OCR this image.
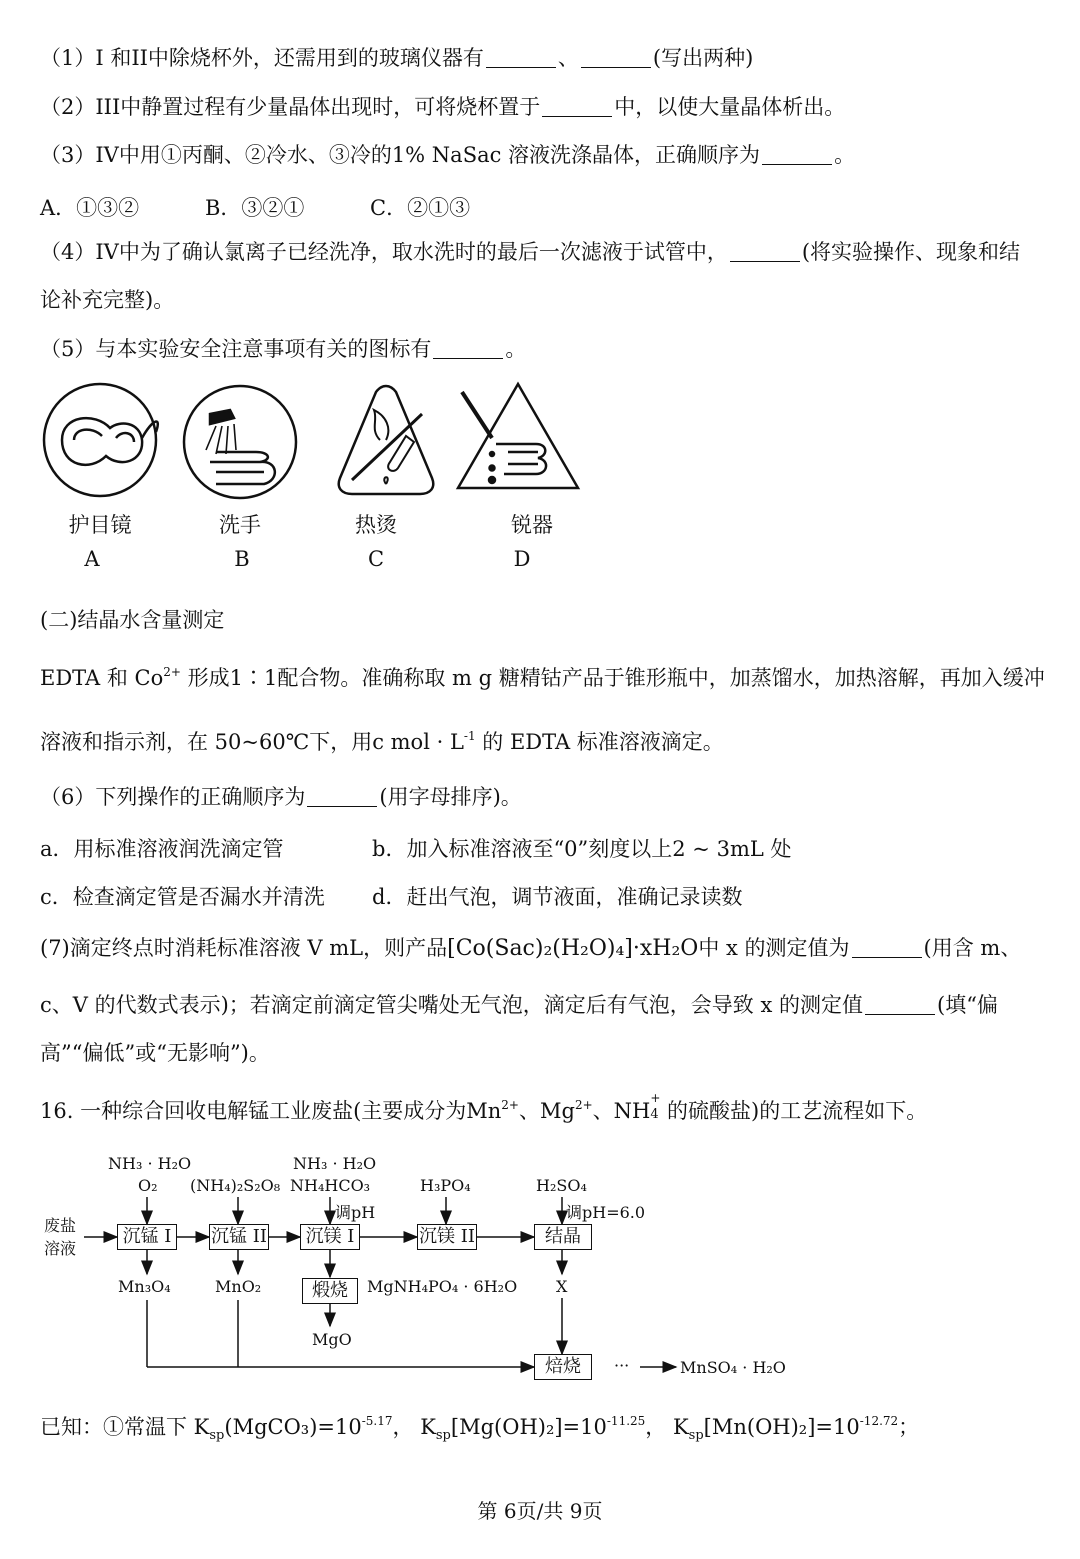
（1）I 和II中除烧杯外，还需用到的玻璃仪器有	、	(写出两种)
（2）III中静置过程有少量晶体出现时，可将烧杯置于	中，以使大量晶体析出。
（3）IV中用①丙酮、②冷水、③冷的1% NaSac 溶液洗涤晶体，正确顺序为	。
A．①③②	B．③②①	C．②①③
（4）IV中为了确认氯离子已经洗净，取水洗时的最后一次滤液于试管中，	(将实验操作、现象和结
论补充完整)。
（5）与本实验安全注意事项有关的图标有	。
护目镜	洗手	热烫	锐器
A	B	C	D
(二)结晶水含量测定
EDTA 和 $Co^{2+}$ 形成1∶1配合物。准确称取 m g 糖精钴产品于锥形瓶中，加蒸馏水，加热溶解，再加入缓冲
溶液和指示剂，在 50~60℃下，用c mol · $L^{-1}$ 的 EDTA 标准溶液滴定。
（6）下列操作的正确顺序为	(用字母排序)。
a．用标准溶液润洗滴定管	b．加入标准溶液至“0”刻度以上2 ~ 3mL 处
c．检查滴定管是否漏水并清洗 d．赶出气泡，调节液面，准确记录读数
(7)滴定终点时消耗标准溶液 V mL，则产品[Co(Sac)₂(H₂O)₄]·xH₂O中 x 的测定值为	(用含 m、
c、V 的代数式表示)；若滴定前滴定管尖嘴处无气泡，滴定后有气泡，会导致 x 的测定值	(填“偏
高”“偏低”或“无影响”)。
16. 一种综合回收电解锰工业废盐(主要成分为$Mn^{2+}$、$Mg^{2+}$、NH
+
4 的硫酸盐)的工艺流程如下。
废盐
溶液
沉锰 I	沉锰 II	沉镁 I	沉镁 II	结晶
煅烧
焙烧
NH₃ · H₂O
O₂ (NH₄)₂S₂O₈
NH₃ · H₂O
NH₄HCO₃
调pH
H₃PO₄	H₂SO₄
调pH=6.0
Mn₃O₄	MnO₂
MgO
MgNH₄PO₄ · 6H₂O X
···	MnSO₄ · H₂O
已知：①常温下 $K_{sp}(MgCO_3)=10^{-5.17}$， $K_{sp}[Mg(OH)_2]=10^{-11.25}$， $K_{sp}[Mn(OH)_2]=10^{-12.72}$；
第 6页/共 9页
